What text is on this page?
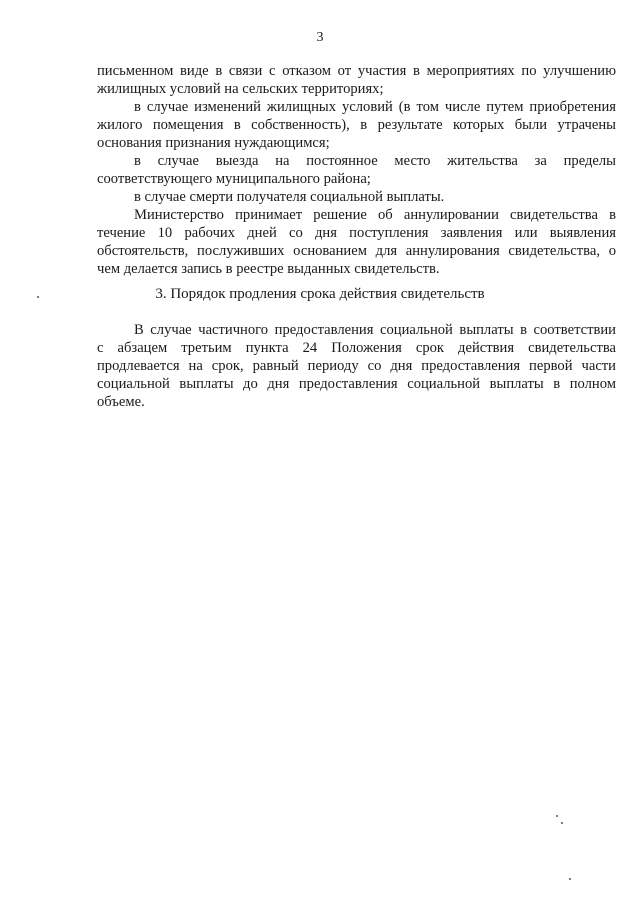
3
письменном виде в связи с отказом от участия в мероприятиях по улучшению
жилищных условий на сельских территориях;
в случае изменений жилищных условий (в том числе путем приобретения
жилого помещения в собственность), в результате которых были утрачены
основания признания нуждающимся;
в случае выезда на постоянное место жительства за пределы
соответствующего муниципального района;
в случае смерти получателя социальной выплаты.
Министерство принимает решение об аннулировании свидетельства в
течение 10 рабочих дней со дня поступления заявления или выявления
обстоятельств, послуживших основанием для аннулирования свидетельства, о
чем делается запись в реестре выданных свидетельств.
3. Порядок продления срока действия свидетельств
В случае частичного предоставления социальной выплаты в соответствии
с абзацем третьим пункта 24 Положения срок действия свидетельства
продлевается на срок, равный периоду со дня предоставления первой части
социальной выплаты до дня предоставления социальной выплаты в полном
объеме.
